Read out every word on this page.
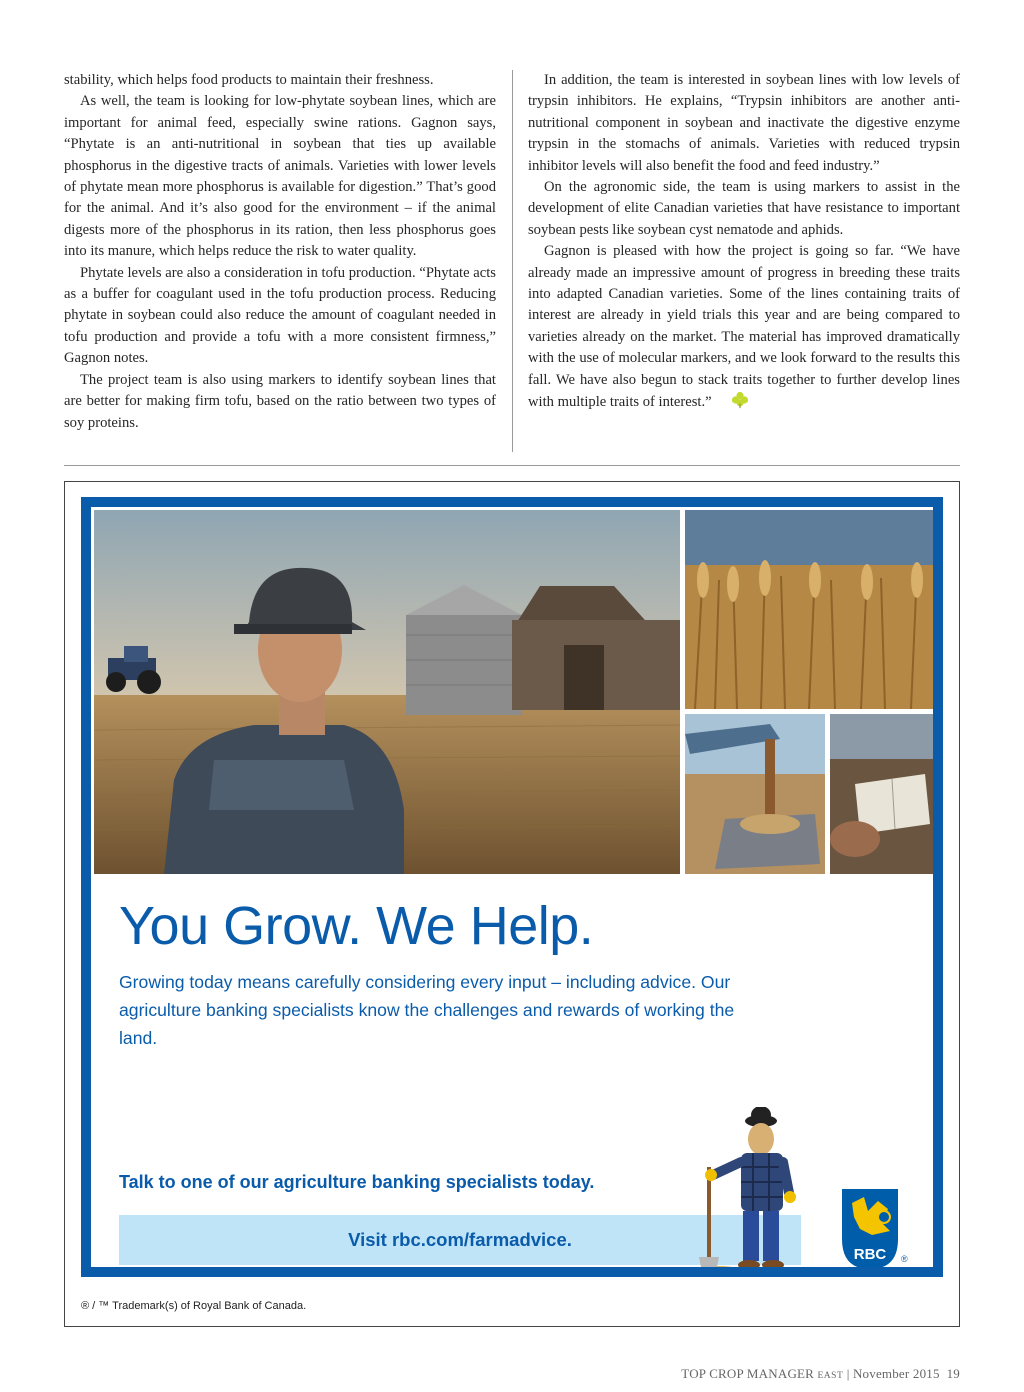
stability, which helps food products to maintain their freshness.

As well, the team is looking for low-phytate soybean lines, which are important for animal feed, especially swine rations. Gagnon says, “Phytate is an anti-nutritional in soybean that ties up available phosphorus in the digestive tracts of animals. Varieties with lower levels of phytate mean more phosphorus is available for digestion.” That’s good for the animal. And it’s also good for the environment – if the animal digests more of the phosphorus in its ration, then less phosphorus goes into its manure, which helps reduce the risk to water quality.

Phytate levels are also a consideration in tofu production. “Phytate acts as a buffer for coagulant used in the tofu production process. Reducing phytate in soybean could also reduce the amount of coagulant needed in tofu production and provide a tofu with a more consistent firmness,” Gagnon notes.

The project team is also using markers to identify soybean lines that are better for making firm tofu, based on the ratio between two types of soy proteins.

In addition, the team is interested in soybean lines with low levels of trypsin inhibitors. He explains, “Trypsin inhibitors are another anti-nutritional component in soybean and inactivate the digestive enzyme trypsin in the stomachs of animals. Varieties with reduced trypsin inhibitor levels will also benefit the food and feed industry.”

On the agronomic side, the team is using markers to assist in the development of elite Canadian varieties that have resistance to important soybean pests like soybean cyst nematode and aphids.

Gagnon is pleased with how the project is going so far. “We have already made an impressive amount of progress in breeding these traits into adapted Canadian varieties. Some of the lines containing traits of interest are already in yield trials this year and are being compared to varieties already on the market. The material has improved dramatically with the use of molecular markers, and we look forward to the results this fall. We have also begun to stack traits together to further develop lines with multiple traits of interest.”

You Grow. We Help.
Growing today means carefully considering every input – including advice. Our agriculture banking specialists know the challenges and rewards of working the land.
Talk to one of our agriculture banking specialists today.
Visit rbc.com/farmadvice.
RBC ®
® / ™ Trademark(s) of Royal Bank of Canada.
TOP CROP MANAGER EAST | November 2015 19
